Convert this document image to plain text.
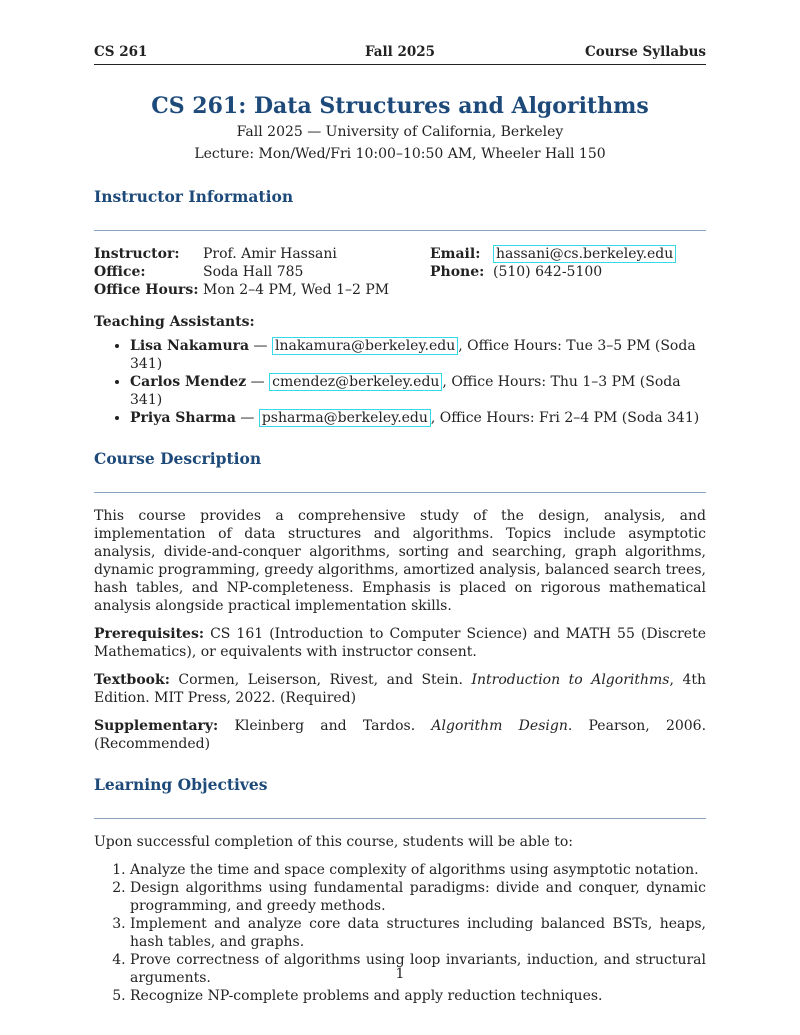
CS 261	Fall 2025	Course Syllabus
CS 261: Data Structures and Algorithms
Fall 2025 — University of California, Berkeley
Lecture: Mon/Wed/Fri 10:00–10:50 AM, Wheeler Hall 150
Instructor Information
Instructor:
Office:
Office Hours:
Prof. Amir Hassani
Soda Hall 785
Mon 2–4 PM, Wed 1–2 PM
Email:
Phone:
hassani@cs.berkeley.edu
(510) 642-5100
Teaching Assistants:
• Lisa Nakamura — lnakamura@berkeley.edu , Office Hours: Tue 3–5 PM (Soda 341)
• Carlos Mendez — cmendez@berkeley.edu , Office Hours: Thu 1–3 PM (Soda 341)
• Priya Sharma — psharma@berkeley.edu , Office Hours: Fri 2–4 PM (Soda 341)
Course Description

This course provides a comprehensive study of the design, analysis, and implementation of data structures and algorithms. Topics include asymptotic analysis, divide-and-conquer algorithms, sorting and searching, graph algorithms, dynamic programming, greedy algorithms, amortized analysis, balanced search trees, hash tables, and NP-completeness. Emphasis is placed on rigorous mathematical analysis alongside practical implementation skills.

Prerequisites: CS 161 (Introduction to Computer Science) and MATH 55 (Discrete Mathematics), or equivalents with instructor consent.

Textbook: Cormen, Leiserson, Rivest, and Stein. Introduction to Algorithms, 4th Edition. MIT Press, 2022. (Required)

Supplementary: Kleinberg and Tardos. Algorithm Design. Pearson, 2006. (Recommended)

Learning Objectives

Upon successful completion of this course, students will be able to:

1. Analyze the time and space complexity of algorithms using asymptotic notation.
2. Design algorithms using fundamental paradigms: divide and conquer, dynamic programming, and greedy methods.
3. Implement and analyze core data structures including balanced BSTs, heaps, hash tables, and graphs.
4. Prove correctness of algorithms using loop invariants, induction, and structural arguments.
5. Recognize NP-complete problems and apply reduction techniques.
1
